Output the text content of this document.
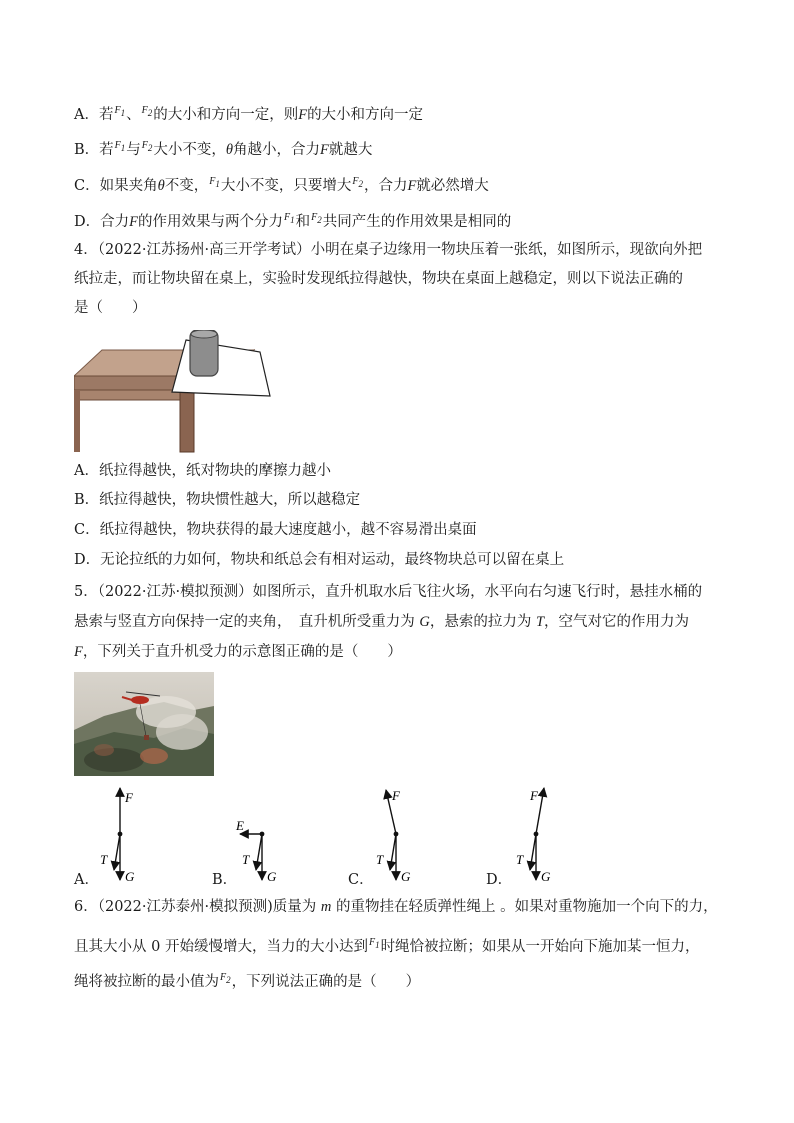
A．若$^{F1}$、$^{F2}$的大小和方向一定，则F的大小和方向一定
B．若$^{F1}$与$^{F2}$大小不变，θ角越小，合力F就越大
C．如果夹角θ不变，$^{F1}$大小不变，只要增大$^{F2}$，合力F就必然增大
D．合力F的作用效果与两个分力$^{F1}$和$^{F2}$共同产生的作用效果是相同的
4．（2022·江苏扬州·高三开学考试）小明在桌子边缘用一物块压着一张纸，如图所示，现欲向外把
纸拉走，而让物块留在桌上，实验时发现纸拉得越快，物块在桌面上越稳定，则以下说法正确的
是（　　）
A．纸拉得越快，纸对物块的摩擦力越小
B．纸拉得越快，物块惯性越大，所以越稳定
C．纸拉得越快，物块获得的最大速度越小，越不容易滑出桌面
D．无论拉纸的力如何，物块和纸总会有相对运动，最终物块总可以留在桌上
5．（2022·江苏·模拟预测）如图所示，直升机取水后飞往火场，水平向右匀速飞行时，悬挂水桶的
悬索与竖直方向保持一定的夹角，　直升机所受重力为 G，悬索的拉力为 T，空气对它的作用力为
F，下列关于直升机受力的示意图正确的是（　　）
F
G
T
E
G
T
F
G
T
F
G
T
A．	B．	C．	D．
6．（2022·江苏泰州·模拟预测)质量为 m 的重物挂在轻质弹性绳上 。如果对重物施加一个向下的力，
且其大小从 0 开始缓慢增大，当力的大小达到$^{F1}$时绳恰被拉断；如果从一开始向下施加某一恒力，
绳将被拉断的最小值为$^{F2}$，下列说法正确的是（　　）
